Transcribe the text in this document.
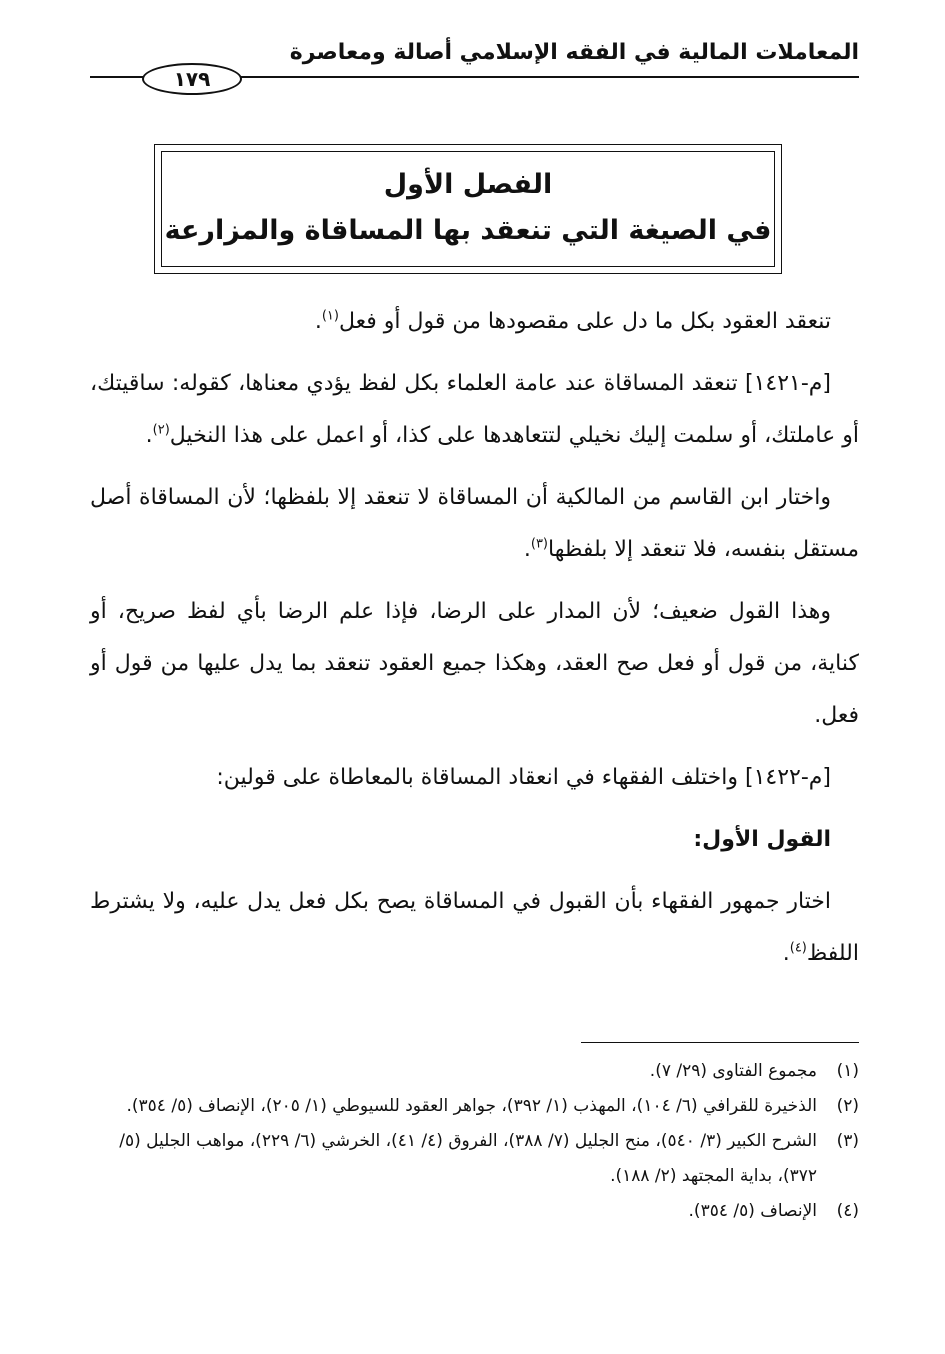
المعاملات المالية في الفقه الإسلامي أصالة ومعاصرة
١٧٩
الفصل الأول
في الصيغة التي تنعقد بها المساقاة والمزارعة

تنعقد العقود بكل ما دل على مقصودها من قول أو فعل$^{(١)}$.

[م-١٤٢١] تنعقد المساقاة عند عامة العلماء بكل لفظ يؤدي معناها، كقوله: ساقيتك، أو عاملتك، أو سلمت إليك نخيلي لتتعاهدها على كذا، أو اعمل على هذا النخيل$^{(٢)}$.

واختار ابن القاسم من المالكية أن المساقاة لا تنعقد إلا بلفظها؛ لأن المساقاة أصل مستقل بنفسه، فلا تنعقد إلا بلفظها$^{(٣)}$.

وهذا القول ضعيف؛ لأن المدار على الرضا، فإذا علم الرضا بأي لفظ صريح، أو كناية، من قول أو فعل صح العقد، وهكذا جميع العقود تنعقد بما يدل عليها من قول أو فعل.

[م-١٤٢٢] واختلف الفقهاء في انعقاد المساقاة بالمعاطاة على قولين:

القول الأول:

اختار جمهور الفقهاء بأن القبول في المساقاة يصح بكل فعل يدل عليه، ولا يشترط اللفظ$^{(٤)}$.

(١)
مجموع الفتاوى (٢٩/ ٧).
(٢)
الذخيرة للقرافي (٦/ ١٠٤)، المهذب (١/ ٣٩٢)، جواهر العقود للسيوطي (١/ ٢٠٥)، الإنصاف (٥/ ٣٥٤).
(٣)
الشرح الكبير (٣/ ٥٤٠)، منح الجليل (٧/ ٣٨٨)، الفروق (٤/ ٤١)، الخرشي (٦/ ٢٢٩)، مواهب الجليل (٥/ ٣٧٢)، بداية المجتهد (٢/ ١٨٨).
(٤)
الإنصاف (٥/ ٣٥٤).
